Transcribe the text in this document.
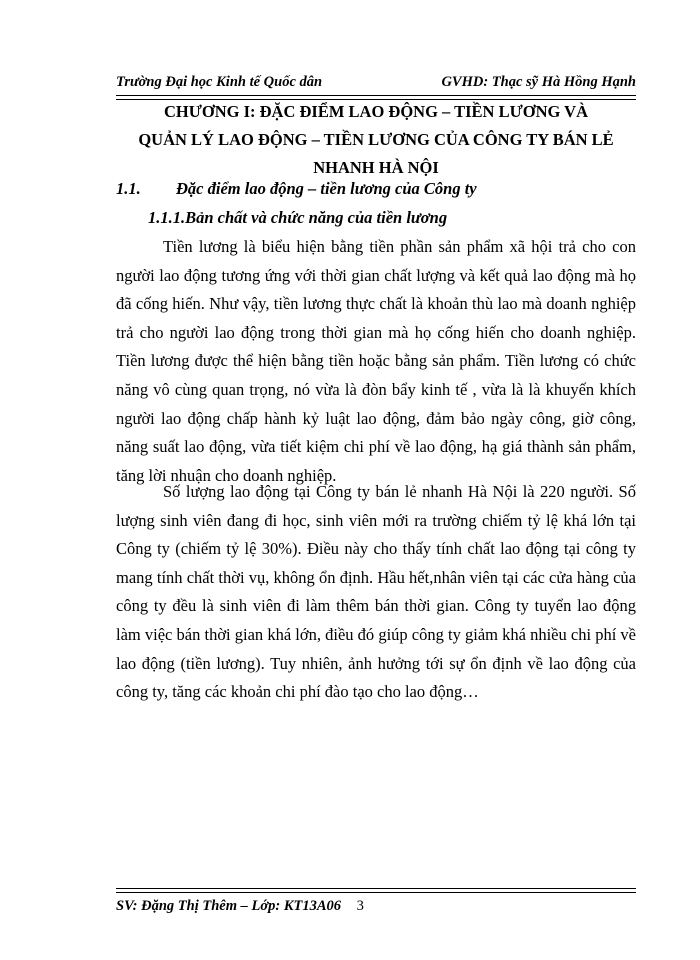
Trường Đại học Kinh tế Quốc dân	GVHD: Thạc sỹ Hà Hồng Hạnh
CHƯƠNG I: ĐẶC ĐIỂM LAO ĐỘNG – TIỀN LƯƠNG VÀ
QUẢN LÝ LAO ĐỘNG – TIỀN LƯƠNG CỦA CÔNG TY BÁN LẺ
NHANH HÀ NỘI
1.1.	Đặc điểm lao động – tiền lương của Công ty
1.1.1.Bản chất và chức năng của tiền lương

Tiền lương là biểu hiện bằng tiền phần sản phẩm xã hội trả cho con người lao động tương ứng với thời gian chất lượng và kết quả lao động mà họ đã cống hiến. Như vậy, tiền lương thực chất là khoản thù lao mà doanh nghiệp trả cho người lao động trong thời gian mà họ cống hiến cho doanh nghiệp. Tiền lương được thể hiện bằng tiền hoặc bằng sản phẩm. Tiền lương có chức năng vô cùng quan trọng, nó vừa là đòn bẩy kinh tế , vừa là là khuyến khích người lao động chấp hành kỷ luật lao động, đảm bảo ngày công, giờ công, năng suất lao động, vừa tiết kiệm chi phí về lao động, hạ giá thành sản phẩm, tăng lời nhuận cho doanh nghiệp.

Số lượng lao động tại Công ty bán lẻ nhanh Hà Nội là 220 người. Số lượng sinh viên đang đi học, sinh viên mới ra trường chiếm tỷ lệ khá lớn tại Công ty (chiếm tỷ lệ 30%). Điều này cho thấy tính chất lao động tại công ty mang tính chất thời vụ, không ổn định. Hầu hết,nhân viên tại các cửa hàng của công ty đều là sinh viên đi làm thêm bán thời gian. Công ty tuyển lao động làm việc bán thời gian khá lớn, điều đó giúp công ty giảm khá nhiều chi phí về lao động (tiền lương). Tuy nhiên, ảnh hưởng tới sự ổn định về lao động của công ty, tăng các khoản chi phí đào tạo cho lao động…

SV: Đặng Thị Thêm – Lớp: KT13A06 3
